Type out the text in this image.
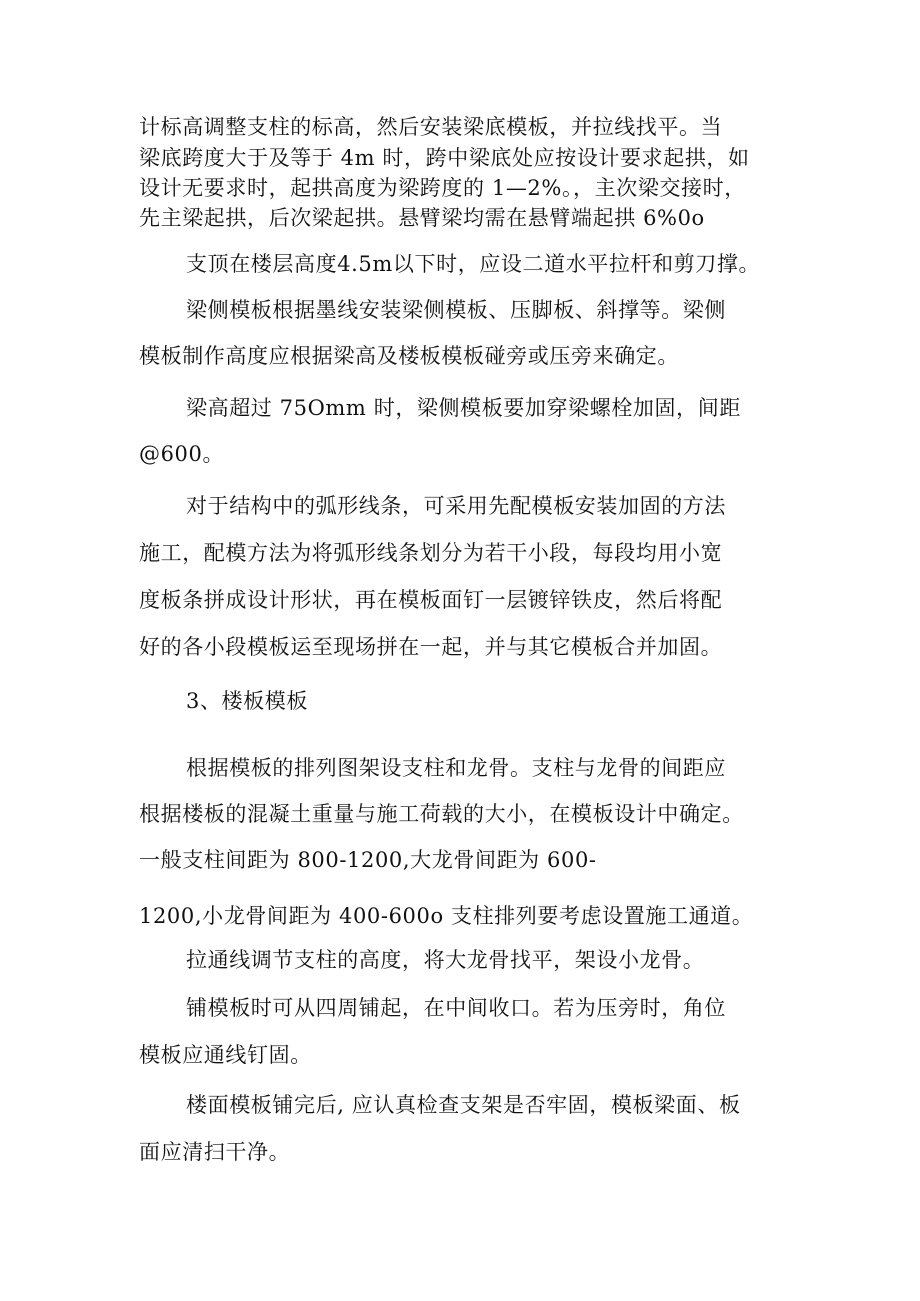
计标高调整支柱的标高，然后安装梁底模板，并拉线找平。当
梁底跨度大于及等于 4m 时，跨中梁底处应按设计要求起拱，如
设计无要求时，起拱高度为梁跨度的 1—2%。，主次梁交接时，
先主梁起拱，后次梁起拱。悬臂梁均需在悬臂端起拱 6%0o
支顶在楼层高度4.5m以下时，应设二道水平拉杆和剪刀撑。
梁侧模板根据墨线安装梁侧模板、压脚板、斜撑等。梁侧
模板制作高度应根据梁高及楼板模板碰旁或压旁来确定。
梁高超过 75Omm 时，梁侧模板要加穿梁螺栓加固，间距
@600。
对于结构中的弧形线条，可采用先配模板安装加固的方法
施工，配模方法为将弧形线条划分为若干小段，每段均用小宽
度板条拼成设计形状，再在模板面钉一层镀锌铁皮，然后将配
好的各小段模板运至现场拼在一起，并与其它模板合并加固。
3、楼板模板
根据模板的排列图架设支柱和龙骨。支柱与龙骨的间距应
根据楼板的混凝土重量与施工荷载的大小，在模板设计中确定。
一般支柱间距为 800-1200,大龙骨间距为 600-
1200,小龙骨间距为 400-600o 支柱排列要考虑设置施工通道。
拉通线调节支柱的高度，将大龙骨找平，架设小龙骨。
铺模板时可从四周铺起，在中间收口。若为压旁时，角位
模板应通线钉固。
楼面模板铺完后, 应认真检查支架是否牢固，模板梁面、板
面应清扫干净。
